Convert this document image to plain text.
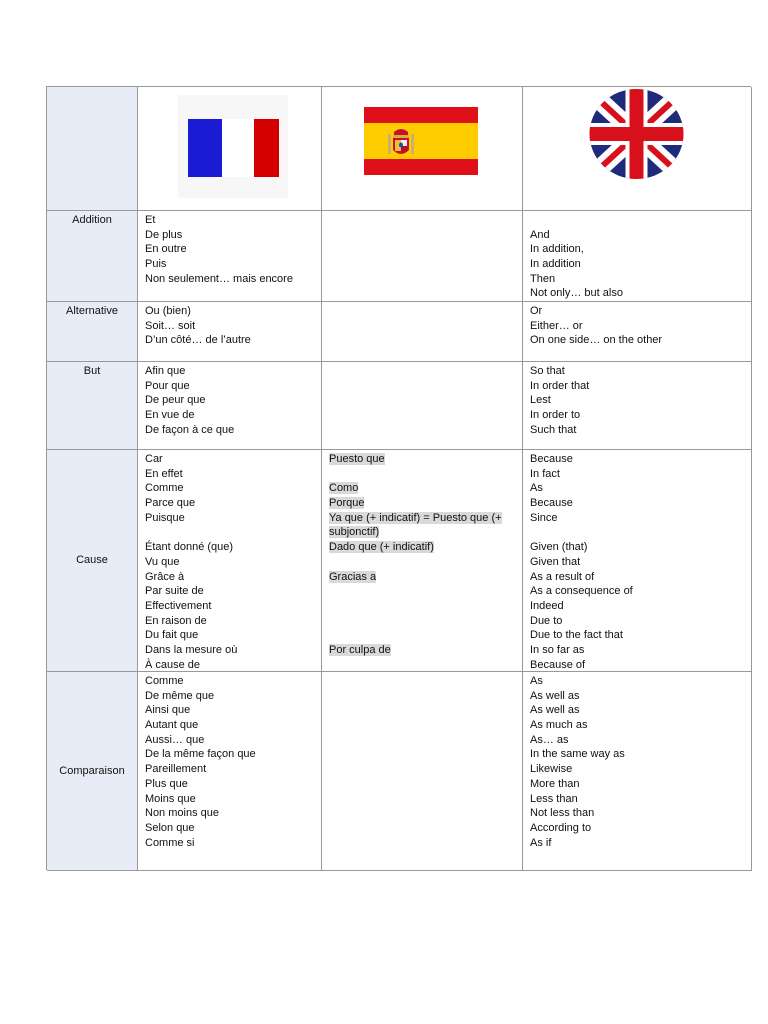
Addition	Et
De plus
En outre
Puis
Non seulement… mais encore
And
In addition,
In addition
Then
Not only… but also
Alternative Ou (bien)
Soit… soit
D’un côté… de l’autre
Or
Either… or
On one side… on the other
But	Afin que
Pour que
De peur que
En vue de
De façon à ce que
So that
In order that
Lest
In order to
Such that
Cause
Car
En effet
Comme
Parce que
Puisque
Étant donné (que)
Vu que
Grâce à
Par suite de
Effectivement
En raison de
Du fait que
Dans la mesure où
À cause de
Puesto que
Como
Porque
Ya que (+ indicatif) = Puesto que (+ subjonctif)
Dado que (+ indicatif)
Gracias a
Por culpa de
Because
In fact
As
Because
Since
Given (that)
Given that
As a result of
As a consequence of
Indeed
Due to
Due to the fact that
In so far as
Because of
Comparaison
Comme
De même que
Ainsi que
Autant que
Aussi… que
De la même façon que
Pareillement
Plus que
Moins que
Non moins que
Selon que
Comme si
As
As well as
As well as
As much as
As… as
In the same way as
Likewise
More than
Less than
Not less than
According to
As if
